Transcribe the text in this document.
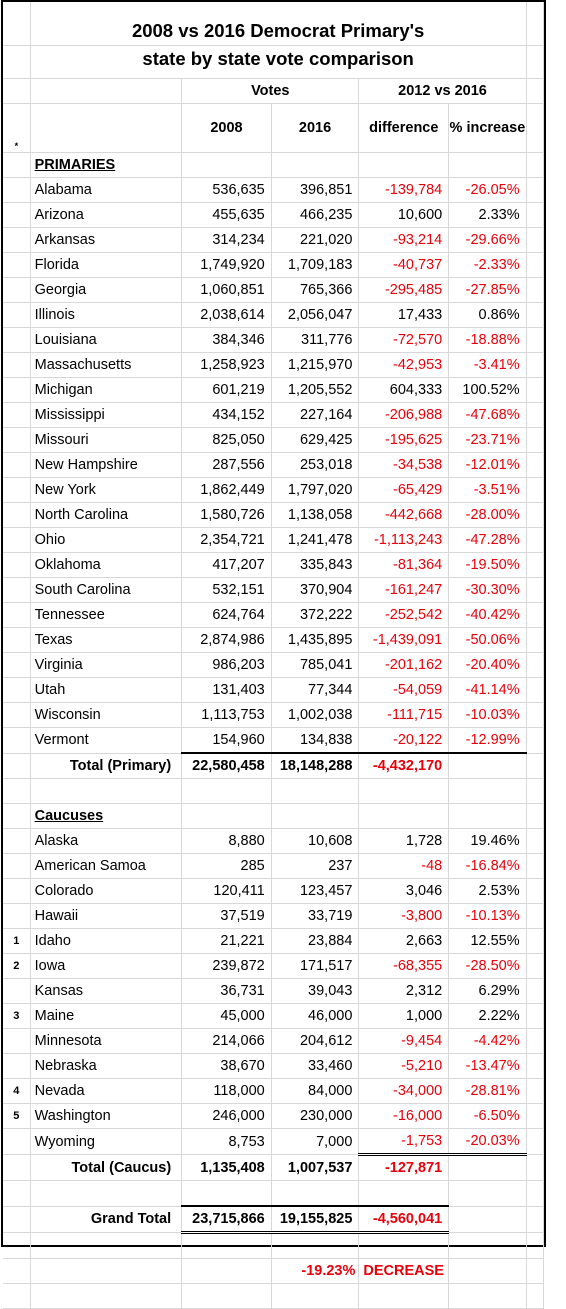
	2008 vs 2016 Democrat Primary's					
	state by state vote comparison					
		Votes		2012 vs 2016		
*		2008	2016	difference	% increase	
	PRIMARIES					
	Alabama	536,635	396,851	-139,784	-26.05%	
	Arizona	455,635	466,235	10,600	2.33%	
	Arkansas	314,234	221,020	-93,214	-29.66%	
	Florida	1,749,920	1,709,183	-40,737	-2.33%	
	Georgia	1,060,851	765,366	-295,485	-27.85%	
	Illinois	2,038,614	2,056,047	17,433	0.86%	
	Louisiana	384,346	311,776	-72,570	-18.88%	
	Massachusetts	1,258,923	1,215,970	-42,953	-3.41%	
	Michigan	601,219	1,205,552	604,333	100.52%	
	Mississippi	434,152	227,164	-206,988	-47.68%	
	Missouri	825,050	629,425	-195,625	-23.71%	
	New Hampshire	287,556	253,018	-34,538	-12.01%	
	New York	1,862,449	1,797,020	-65,429	-3.51%	
	North Carolina	1,580,726	1,138,058	-442,668	-28.00%	
	Ohio	2,354,721	1,241,478	-1,113,243	-47.28%	
	Oklahoma	417,207	335,843	-81,364	-19.50%	
	South Carolina	532,151	370,904	-161,247	-30.30%	
	Tennessee	624,764	372,222	-252,542	-40.42%	
	Texas	2,874,986	1,435,895	-1,439,091	-50.06%	
	Virginia	986,203	785,041	-201,162	-20.40%	
	Utah	131,403	77,344	-54,059	-41.14%	
	Wisconsin	1,113,753	1,002,038	-111,715	-10.03%	
	Vermont	154,960	134,838	-20,122	-12.99%	
	Total (Primary)	22,580,458	18,148,288	-4,432,170		

	Caucuses					
	Alaska	8,880	10,608	1,728	19.46%	
	American Samoa	285	237	-48	-16.84%	
	Colorado	120,411	123,457	3,046	2.53%	
	Hawaii	37,519	33,719	-3,800	-10.13%	
1	Idaho	21,221	23,884	2,663	12.55%	
2	Iowa	239,872	171,517	-68,355	-28.50%	
	Kansas	36,731	39,043	2,312	6.29%	
3	Maine	45,000	46,000	1,000	2.22%	
	Minnesota	214,066	204,612	-9,454	-4.42%	
	Nebraska	38,670	33,460	-5,210	-13.47%	
4	Nevada	118,000	84,000	-34,000	-28.81%	
5	Washington	246,000	230,000	-16,000	-6.50%	
	Wyoming	8,753	7,000	-1,753	-20.03%	
	Total (Caucus)	1,135,408	1,007,537	-127,871		

	Grand Total	23,715,866	19,155,825	-4,560,041		

			-19.23%	DECREASE		
